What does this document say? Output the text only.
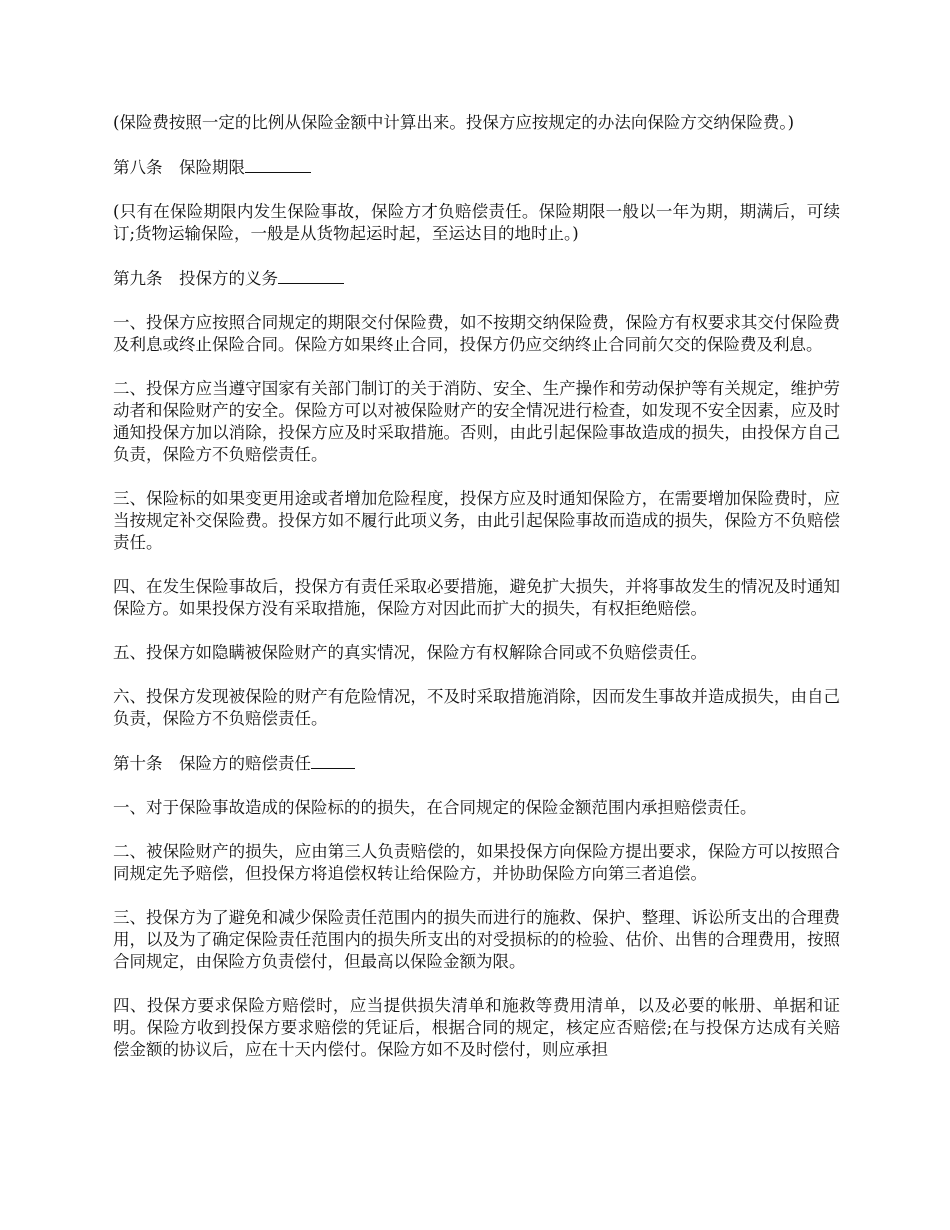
(保险费按照一定的比例从保险金额中计算出来。投保方应按规定的办法向保险方交纳保险费。)

第八条　保险期限

(只有在保险期限内发生保险事故，保险方才负赔偿责任。保险期限一般以一年为期，期满后，可续订;货物运输保险，一般是从货物起运时起，至运达目的地时止。)

第九条　投保方的义务

一、投保方应按照合同规定的期限交付保险费，如不按期交纳保险费，保险方有权要求其交付保险费及利息或终止保险合同。保险方如果终止合同，投保方仍应交纳终止合同前欠交的保险费及利息。

二、投保方应当遵守国家有关部门制订的关于消防、安全、生产操作和劳动保护等有关规定，维护劳动者和保险财产的安全。保险方可以对被保险财产的安全情况进行检查，如发现不安全因素，应及时通知投保方加以消除，投保方应及时采取措施。否则，由此引起保险事故造成的损失，由投保方自己负责，保险方不负赔偿责任。

三、保险标的如果变更用途或者增加危险程度，投保方应及时通知保险方，在需要增加保险费时，应当按规定补交保险费。投保方如不履行此项义务，由此引起保险事故而造成的损失，保险方不负赔偿责任。

四、在发生保险事故后，投保方有责任采取必要措施，避免扩大损失，并将事故发生的情况及时通知保险方。如果投保方没有采取措施，保险方对因此而扩大的损失，有权拒绝赔偿。

五、投保方如隐瞒被保险财产的真实情况，保险方有权解除合同或不负赔偿责任。

六、投保方发现被保险的财产有危险情况，不及时采取措施消除，因而发生事故并造成损失，由自己负责，保险方不负赔偿责任。

第十条　保险方的赔偿责任

一、对于保险事故造成的保险标的的损失，在合同规定的保险金额范围内承担赔偿责任。

二、被保险财产的损失，应由第三人负责赔偿的，如果投保方向保险方提出要求，保险方可以按照合同规定先予赔偿，但投保方将追偿权转让给保险方，并协助保险方向第三者追偿。

三、投保方为了避免和减少保险责任范围内的损失而进行的施救、保护、整理、诉讼所支出的合理费用，以及为了确定保险责任范围内的损失所支出的对受损标的的检验、估价、出售的合理费用，按照合同规定，由保险方负责偿付，但最高以保险金额为限。

四、投保方要求保险方赔偿时，应当提供损失清单和施救等费用清单，以及必要的帐册、单据和证明。保险方收到投保方要求赔偿的凭证后，根据合同的规定，核定应否赔偿;在与投保方达成有关赔偿金额的协议后，应在十天内偿付。保险方如不及时偿付，则应承担
